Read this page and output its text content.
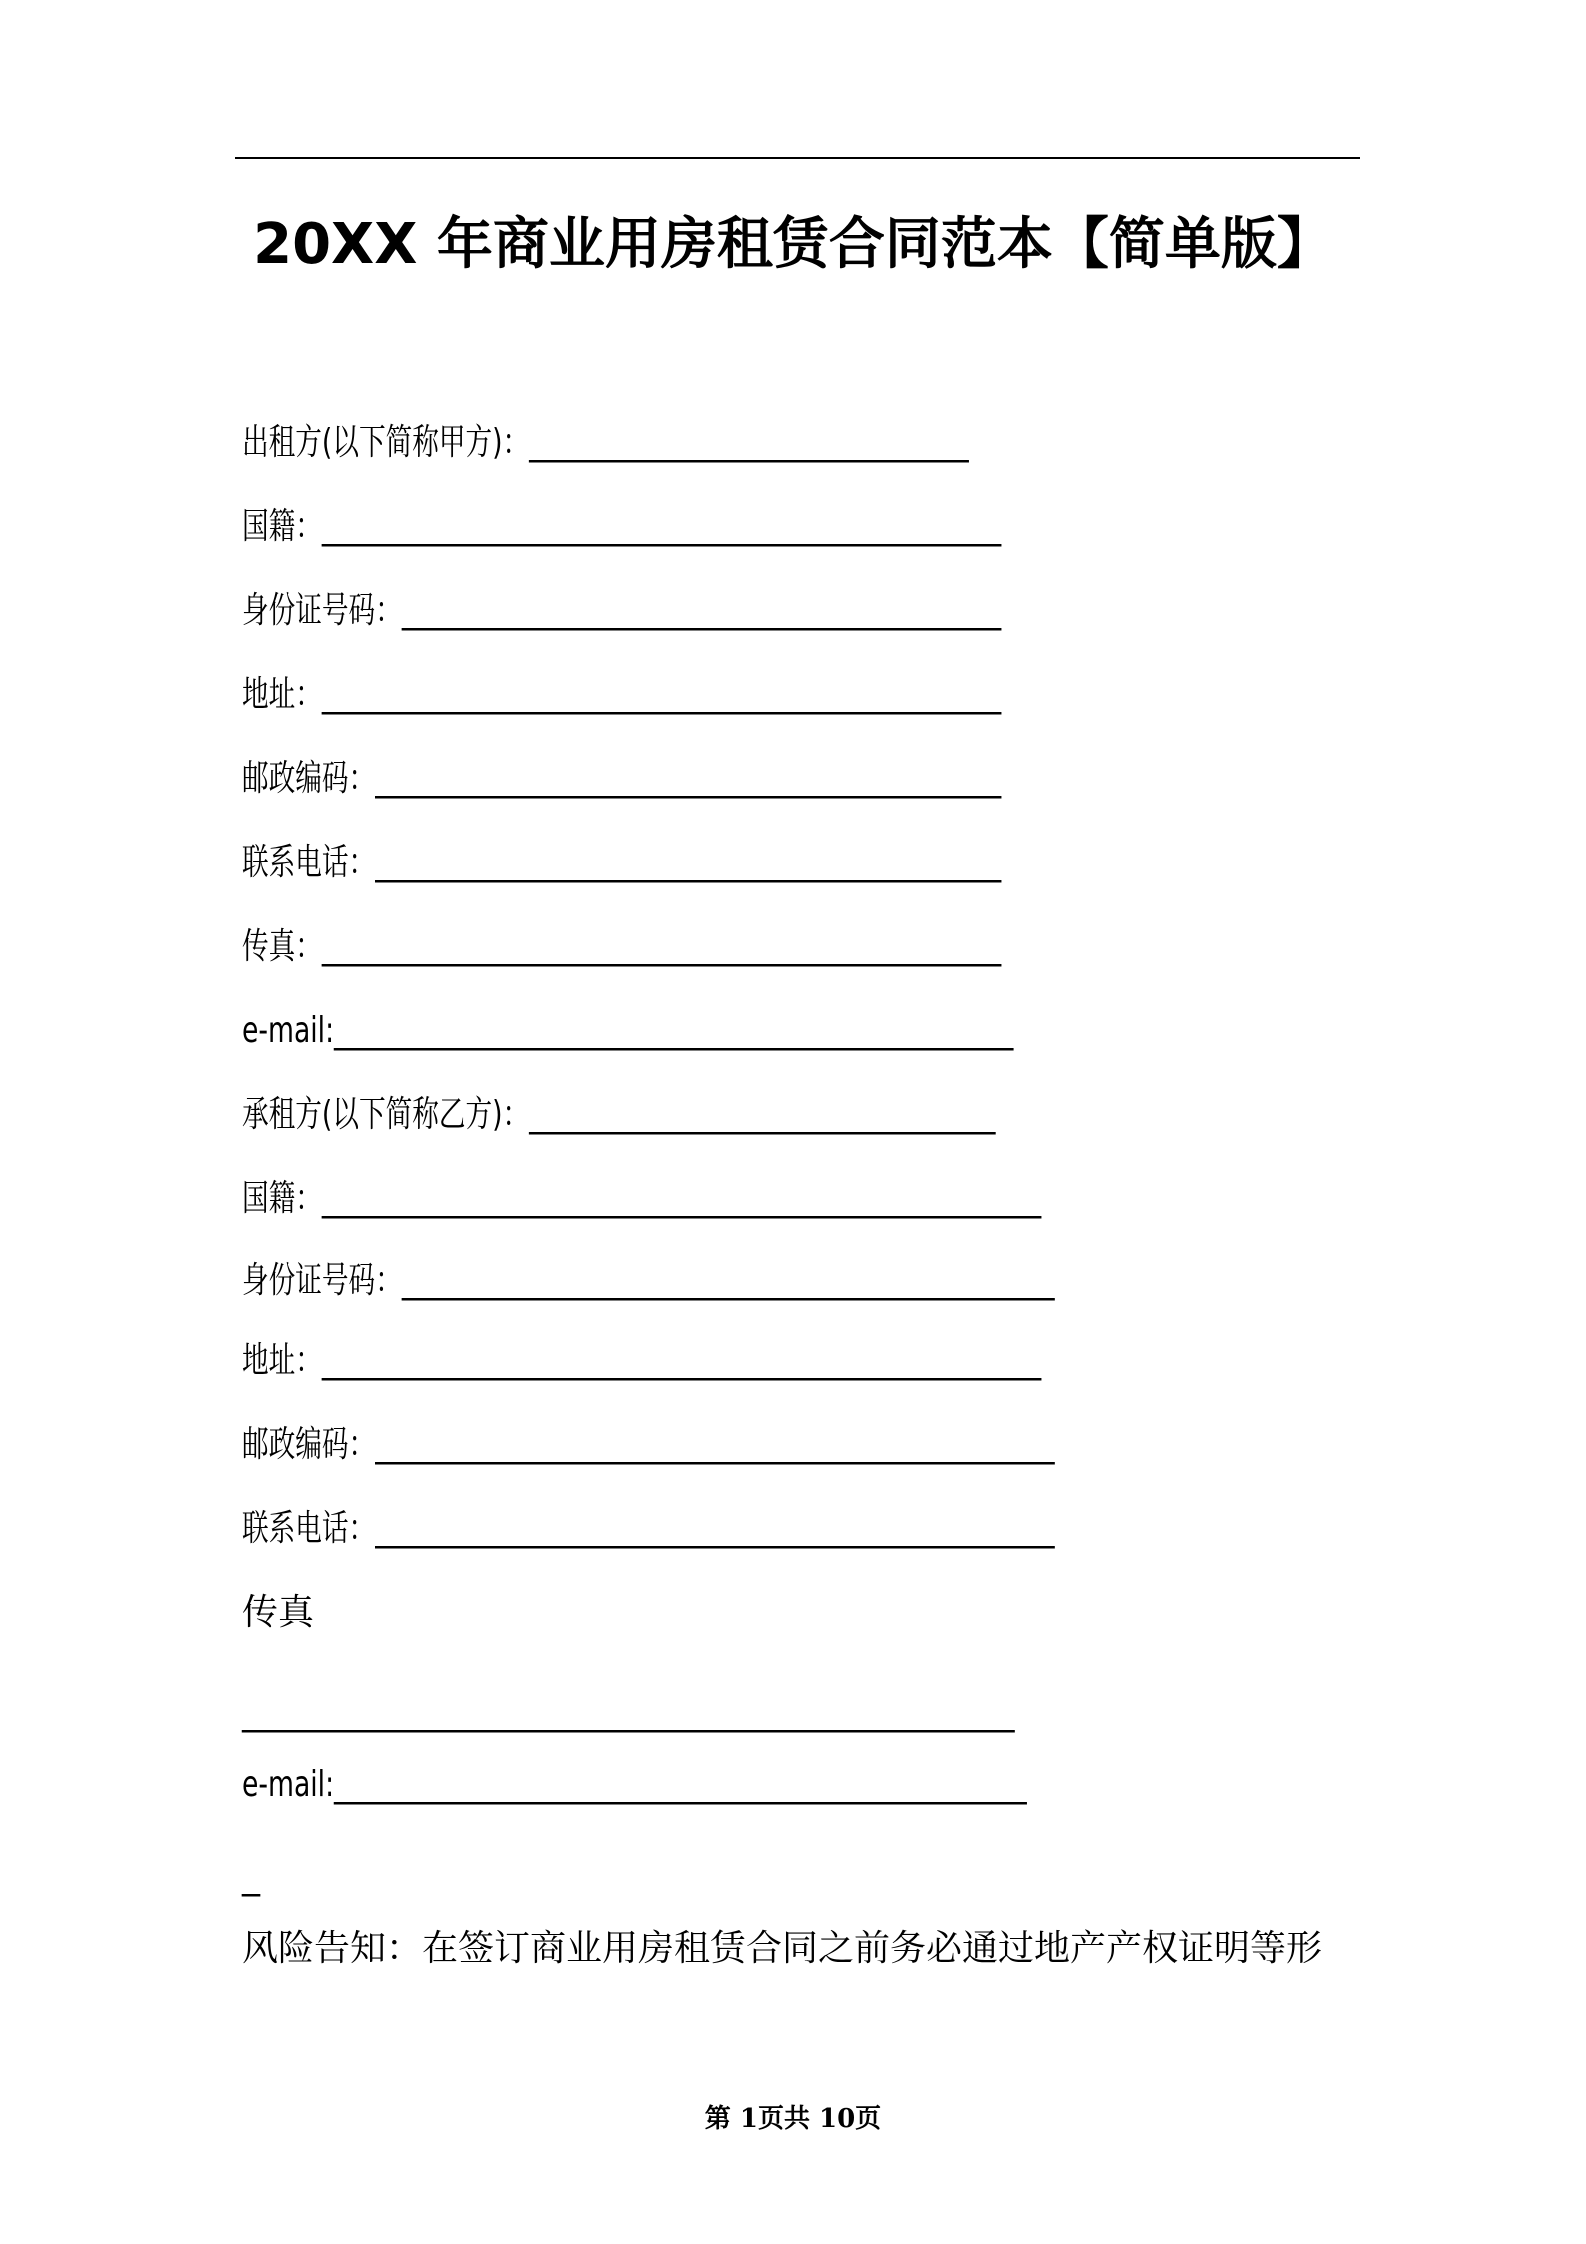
20XX 年商业用房租赁合同范本【简单版】
出租方(以下简称甲方)：_________________________________
国籍：___________________________________________________
身份证号码：_____________________________________________
地址：___________________________________________________
邮政编码：_______________________________________________
联系电话：_______________________________________________
传真：___________________________________________________
e-mail:___________________________________________________
承租方(以下简称乙方)：___________________________________
国籍：______________________________________________________
身份证号码：_________________________________________________
地址：______________________________________________________
邮政编码：___________________________________________________
联系电话：___________________________________________________
传真
__________________________________________________________
e-mail:____________________________________________________
_
风险告知：在签订商业用房租赁合同之前务必通过地产产权证明等形
第 1页共 10页
